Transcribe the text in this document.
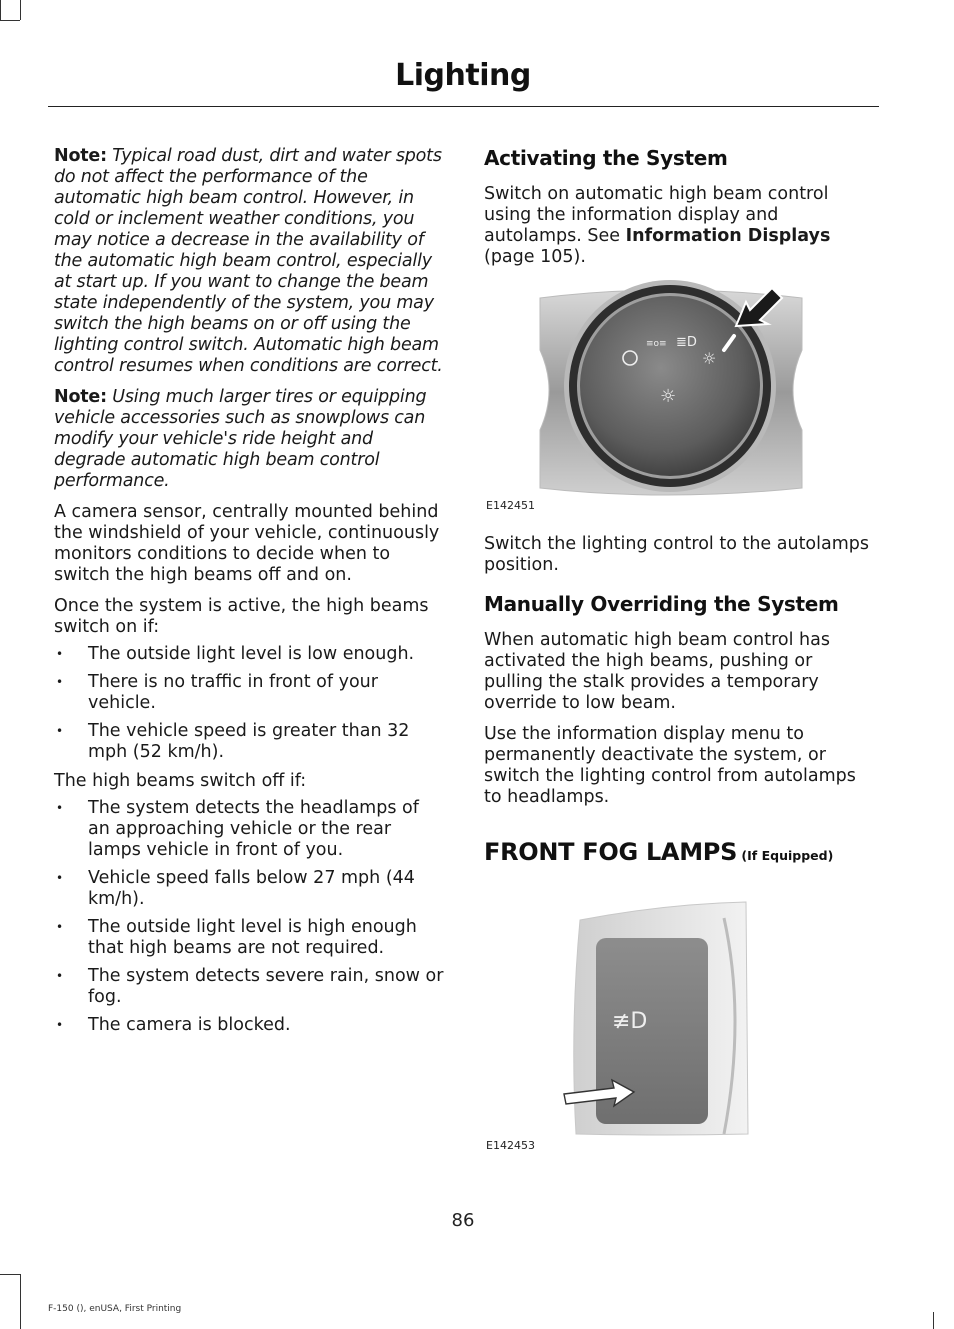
Lighting

Note: Typical road dust, dirt and water spots do not affect the performance of the automatic high beam control. However, in cold or inclement weather conditions, you may notice a decrease in the availability of the automatic high beam control, especially at start up. If you want to change the beam state independently of the system, you may switch the high beams on or off using the lighting control switch. Automatic high beam control resumes when conditions are correct.

Note: Using much larger tires or equipping vehicle accessories such as snowplows can modify your vehicle's ride height and degrade automatic high beam control performance.

A camera sensor, centrally mounted behind the windshield of your vehicle, continuously monitors conditions to decide when to switch the high beams off and on.

Once the system is active, the high beams switch on if:

• The outside light level is low enough.
• There is no traffic in front of your vehicle.
• The vehicle speed is greater than 32 mph (52 km/h).

The high beams switch off if:

• The system detects the headlamps of an approaching vehicle or the rear lamps vehicle in front of you.
• Vehicle speed falls below 27 mph (44 km/h).
• The outside light level is high enough that high beams are not required.
• The system detects severe rain, snow or fog.
• The camera is blocked.
Activating the System

Switch on automatic high beam control using the information display and autolamps. See Information Displays (page 105).

≡o≡ ≣D
☼
☼
E142451

Switch the lighting control to the autolamps position.

Manually Overriding the System

When automatic high beam control has activated the high beams, pushing or pulling the stalk provides a temporary override to low beam.

Use the information display menu to permanently deactivate the system, or switch the lighting control from autolamps to headlamps.

FRONT FOG LAMPS (If Equipped)
≢D
E142453
86
F-150 (), enUSA, First Printing
